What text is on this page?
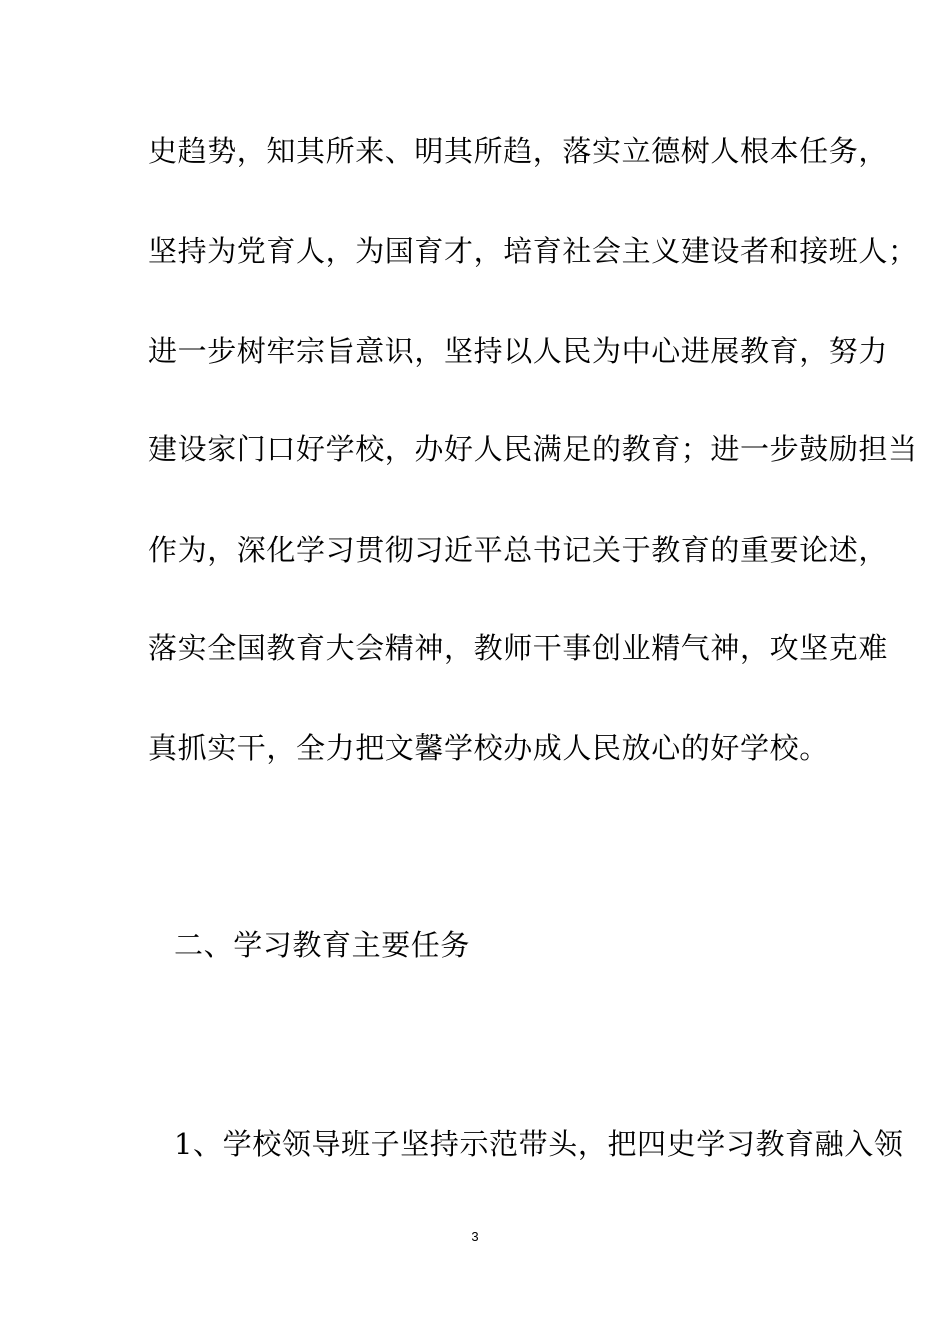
史趋势，知其所来、明其所趋，落实立德树人根本任务，
坚持为党育人，为国育才，培育社会主义建设者和接班人；
进一步树牢宗旨意识，坚持以人民为中心进展教育，努力
建设家门口好学校，办好人民满足的教育；进一步鼓励担当
作为，深化学习贯彻习近平总书记关于教育的重要论述，
落实全国教育大会精神，教师干事创业精气神，攻坚克难
真抓实干，全力把文馨学校办成人民放心的好学校。
二、学习教育主要任务
1、学校领导班子坚持示范带头，把四史学习教育融入领
3
